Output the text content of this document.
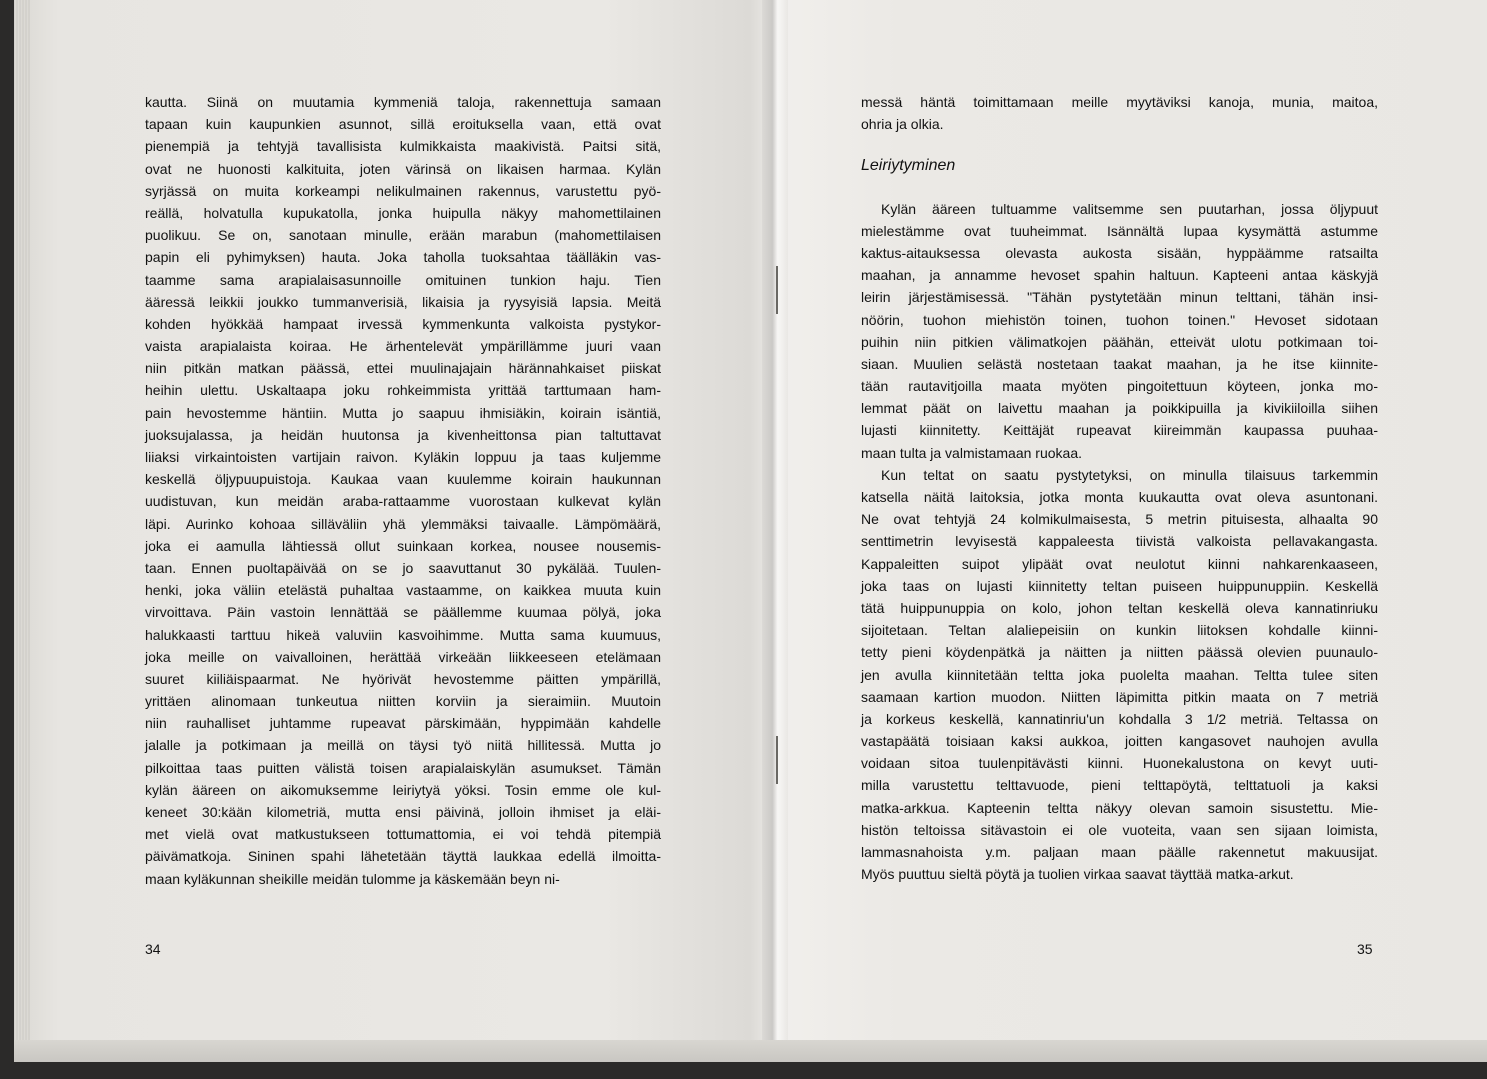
kautta. Siinä on muutamia kymmeniä taloja, rakennettuja samaan
tapaan kuin kaupunkien asunnot, sillä eroituksella vaan, että ovat
pienempiä ja tehtyjä tavallisista kulmikkaista maakivistä. Paitsi sitä,
ovat ne huonosti kalkituita, joten värinsä on likaisen harmaa. Kylän
syrjässä on muita korkeampi nelikulmainen rakennus, varustettu pyö-
reällä, holvatulla kupukatolla, jonka huipulla näkyy mahomettilainen
puolikuu. Se on, sanotaan minulle, erään marabun (mahomettilaisen
papin eli pyhimyksen) hauta. Joka taholla tuoksahtaa täälläkin vas-
taamme sama arapialaisasunnoille omituinen tunkion haju. Tien
ääressä leikkii joukko tummanverisiä, likaisia ja ryysyisiä lapsia. Meitä
kohden hyökkää hampaat irvessä kymmenkunta valkoista pystykor-
vaista arapialaista koiraa. He ärhentelevät ympärillämme juuri vaan
niin pitkän matkan päässä, ettei muulinajajain härännahkaiset piiskat
heihin ulettu. Uskaltaapa joku rohkeimmista yrittää tarttumaan ham-
pain hevostemme häntiin. Mutta jo saapuu ihmisiäkin, koirain isäntiä,
juoksujalassa, ja heidän huutonsa ja kivenheittonsa pian taltuttavat
liiaksi virkaintoisten vartijain raivon. Kyläkin loppuu ja taas kuljemme
keskellä öljypuupuistoja. Kaukaa vaan kuulemme koirain haukunnan
uudistuvan, kun meidän araba-rattaamme vuorostaan kulkevat kylän
läpi. Aurinko kohoaa silläväliin yhä ylemmäksi taivaalle. Lämpömäärä,
joka ei aamulla lähtiessä ollut suinkaan korkea, nousee nousemis-
taan. Ennen puoltapäivää on se jo saavuttanut 30 pykälää. Tuulen-
henki, joka väliin etelästä puhaltaa vastaamme, on kaikkea muuta kuin
virvoittava. Päin vastoin lennättää se päällemme kuumaa pölyä, joka
halukkaasti tarttuu hikeä valuviin kasvoihimme. Mutta sama kuumuus,
joka meille on vaivalloinen, herättää virkeään liikkeeseen etelämaan
suuret kiiliäispaarmat. Ne hyörivät hevostemme päitten ympärillä,
yrittäen alinomaan tunkeutua niitten korviin ja sieraimiin. Muutoin
niin rauhalliset juhtamme rupeavat pärskimään, hyppimään kahdelle
jalalle ja potkimaan ja meillä on täysi työ niitä hillitessä. Mutta jo
pilkoittaa taas puitten välistä toisen arapialaiskylän asumukset. Tämän
kylän ääreen on aikomuksemme leiriytyä yöksi. Tosin emme ole kul-
keneet 30:kään kilometriä, mutta ensi päivinä, jolloin ihmiset ja eläi-
met vielä ovat matkustukseen tottumattomia, ei voi tehdä pitempiä
päivämatkoja. Sininen spahi lähetetään täyttä laukkaa edellä ilmoitta-
maan kyläkunnan sheikille meidän tulomme ja käskemään beyn ni-
34
messä häntä toimittamaan meille myytäviksi kanoja, munia, maitoa,
ohria ja olkia.
Leiriytyminen
Kylän ääreen tultuamme valitsemme sen puutarhan, jossa öljypuut
mielestämme ovat tuuheimmat. Isännältä lupaa kysymättä astumme
kaktus-aitauksessa olevasta aukosta sisään, hyppäämme ratsailta
maahan, ja annamme hevoset spahin haltuun. Kapteeni antaa käskyjä
leirin järjestämisessä. "Tähän pystytetään minun telttani, tähän insi-
nöörin, tuohon miehistön toinen, tuohon toinen." Hevoset sidotaan
puihin niin pitkien välimatkojen päähän, etteivät ulotu potkimaan toi-
siaan. Muulien selästä nostetaan taakat maahan, ja he itse kiinnite-
tään rautavitjoilla maata myöten pingoitettuun köyteen, jonka mo-
lemmat päät on laivettu maahan ja poikkipuilla ja kivikiiloilla siihen
lujasti kiinnitetty. Keittäjät rupeavat kiireimmän kaupassa puuhaa-
maan tulta ja valmistamaan ruokaa.
Kun teltat on saatu pystytetyksi, on minulla tilaisuus tarkemmin
katsella näitä laitoksia, jotka monta kuukautta ovat oleva asuntonani.
Ne ovat tehtyjä 24 kolmikulmaisesta, 5 metrin pituisesta, alhaalta 90
senttimetrin levyisestä kappaleesta tiivistä valkoista pellavakangasta.
Kappaleitten suipot ylipäät ovat neulotut kiinni nahkarenkaaseen,
joka taas on lujasti kiinnitetty teltan puiseen huippunuppiin. Keskellä
tätä huippunuppia on kolo, johon teltan keskellä oleva kannatinriuku
sijoitetaan. Teltan alaliepeisiin on kunkin liitoksen kohdalle kiinni-
tetty pieni köydenpätkä ja näitten ja niitten päässä olevien puunaulo-
jen avulla kiinnitetään teltta joka puolelta maahan. Teltta tulee siten
saamaan kartion muodon. Niitten läpimitta pitkin maata on 7 metriä
ja korkeus keskellä, kannatinriu'un kohdalla 3 1/2 metriä. Teltassa on
vastapäätä toisiaan kaksi aukkoa, joitten kangasovet nauhojen avulla
voidaan sitoa tuulenpitävästi kiinni. Huonekalustona on kevyt uuti-
milla varustettu telttavuode, pieni telttapöytä, telttatuoli ja kaksi
matka-arkkua. Kapteenin teltta näkyy olevan samoin sisustettu. Mie-
histön teltoissa sitävastoin ei ole vuoteita, vaan sen sijaan loimista,
lammasnahoista y.m. paljaan maan päälle rakennetut makuusijat.
Myös puuttuu sieltä pöytä ja tuolien virkaa saavat täyttää matka-arkut.
35
